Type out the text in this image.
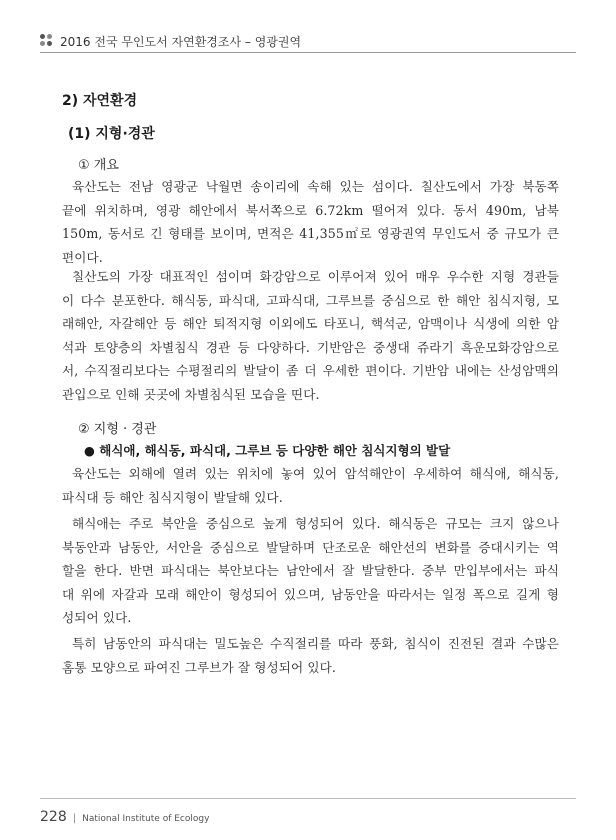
2016 전국 무인도서 자연환경조사 – 영광권역
2) 자연환경
(1) 지형·경관
① 개요
육산도는 전남 영광군 낙월면 송이리에 속해 있는 섬이다. 칠산도에서 가장 북동쪽
끝에 위치하며, 영광 해안에서 북서쪽으로 6.72km 떨어져 있다. 동서 490m, 남북
150m, 동서로 긴 형태를 보이며, 면적은 41,355㎡로 영광권역 무인도서 중 규모가 큰
편이다.
칠산도의 가장 대표적인 섬이며 화강암으로 이루어져 있어 매우 우수한 지형 경관들
이 다수 분포한다. 해식동, 파식대, 고파식대, 그루브를 중심으로 한 해안 침식지형, 모
래해안, 자갈해안 등 해안 퇴적지형 이외에도 타포니, 핵석군, 암맥이나 식생에 의한 암
석과 토양층의 차별침식 경관 등 다양하다. 기반암은 중생대 쥬라기 흑운모화강암으로
서, 수직절리보다는 수평절리의 발달이 좀 더 우세한 편이다. 기반암 내에는 산성암맥의
관입으로 인해 곳곳에 차별침식된 모습을 띤다.
② 지형 · 경관
● 해식애, 해식동, 파식대, 그루브 등 다양한 해안 침식지형의 발달
육산도는 외해에 열려 있는 위치에 놓여 있어 암석해안이 우세하여 해식애, 해식동,
파식대 등 해안 침식지형이 발달해 있다.
해식애는 주로 북안을 중심으로 높게 형성되어 있다. 해식동은 규모는 크지 않으나
북동안과 남동안, 서안을 중심으로 발달하며 단조로운 해안선의 변화를 증대시키는 역
할을 한다. 반면 파식대는 북안보다는 남안에서 잘 발달한다. 중부 만입부에서는 파식
대 위에 자갈과 모래 해안이 형성되어 있으며, 남동안을 따라서는 일정 폭으로 길게 형
성되어 있다.
특히 남동안의 파식대는 밀도높은 수직절리를 따라 풍화, 침식이 진전된 결과 수많은
홈통 모양으로 파여진 그루브가 잘 형성되어 있다.
228 | National Institute of Ecology
